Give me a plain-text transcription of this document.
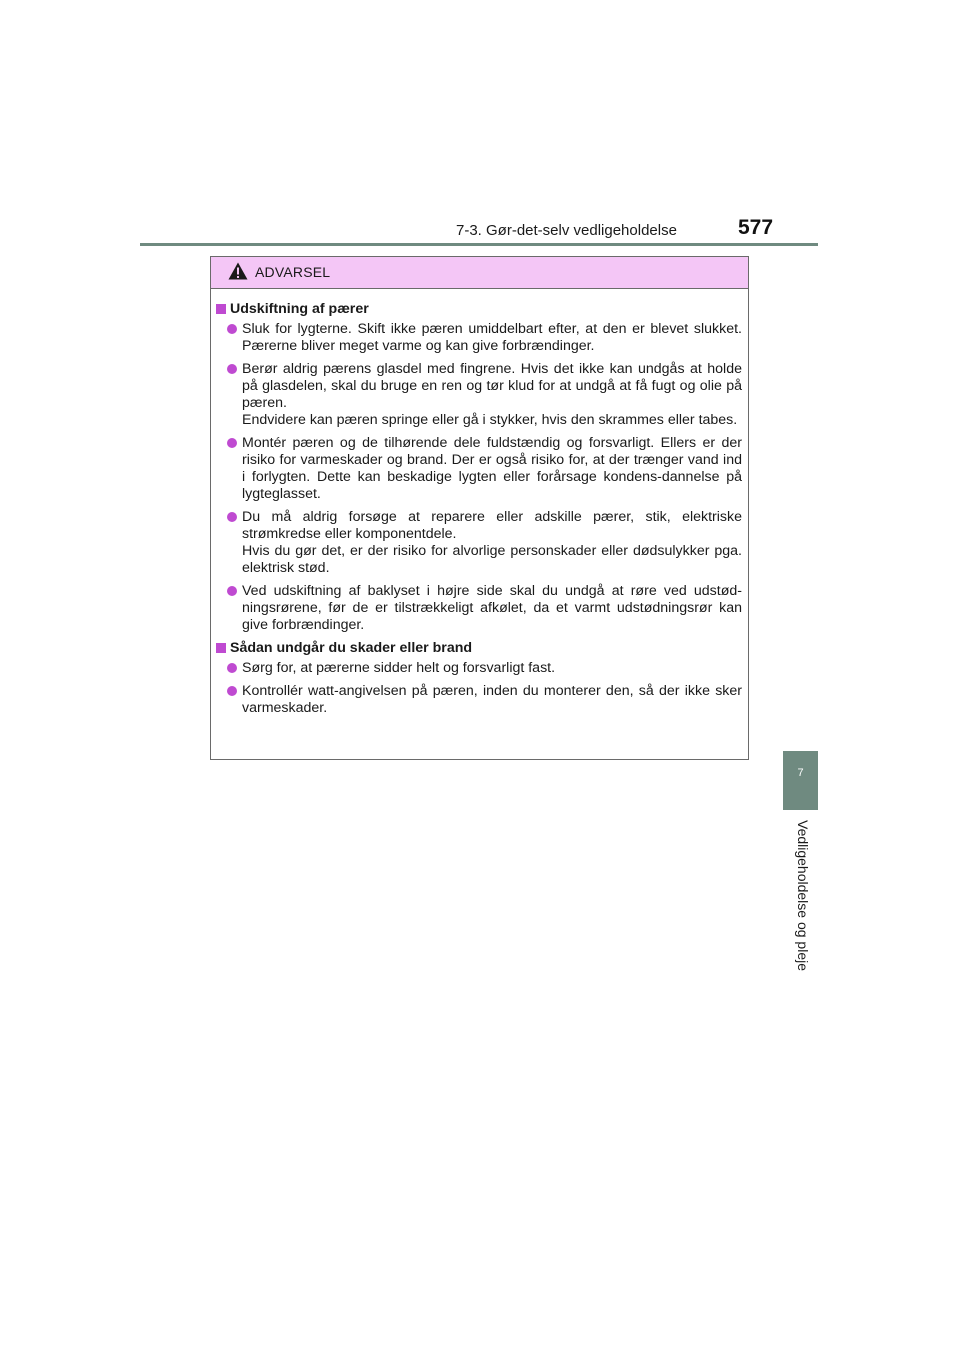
7-3. Gør-det-selv vedligeholdelse	577
7
Vedligeholdelse og pleje
ADVARSEL
Udskiftning af pærer

Sluk for lygterne. Skift ikke pæren umiddelbart efter, at den er blevet slukket. Pærerne bliver meget varme og kan give forbrændinger.

Berør aldrig pærens glasdel med fingrene. Hvis det ikke kan undgås at holde på glasdelen, skal du bruge en ren og tør klud for at undgå at få fugt og olie på pæren.

Endvidere kan pæren springe eller gå i stykker, hvis den skrammes eller tabes.

Montér pæren og de tilhørende dele fuldstændig og forsvarligt. Ellers er der risiko for varmeskader og brand. Der er også risiko for, at der trænger vand ind i forlygten. Dette kan beskadige lygten eller forårsage kondens-dannelse på lygteglasset.

Du må aldrig forsøge at reparere eller adskille pærer, stik, elektriske strømkredse eller komponentdele.

Hvis du gør det, er der risiko for alvorlige personskader eller dødsulykker pga. elektrisk stød.

Ved udskiftning af baklyset i højre side skal du undgå at røre ved udstød-ningsrørene, før de er tilstrækkeligt afkølet, da et varmt udstødningsrør kan give forbrændinger.

Sådan undgår du skader eller brand

Sørg for, at pærerne sidder helt og forsvarligt fast.

Kontrollér watt-angivelsen på pæren, inden du monterer den, så der ikke sker varmeskader.
